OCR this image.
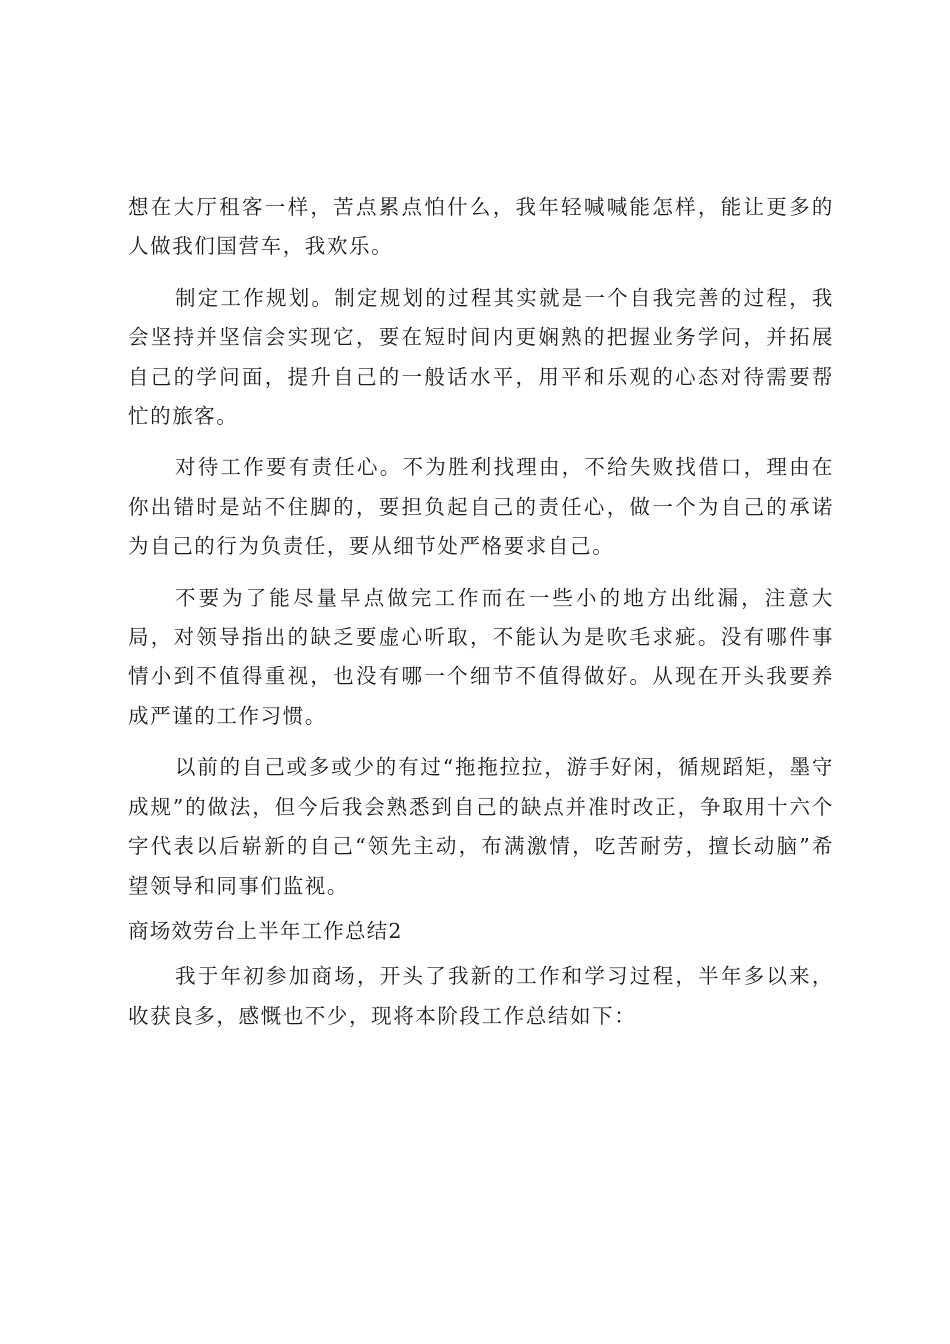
想在大厅租客一样，苦点累点怕什么，我年轻喊喊能怎样，能让更多的人做我们国营车，我欢乐。

制定工作规划。制定规划的过程其实就是一个自我完善的过程，我会坚持并坚信会实现它，要在短时间内更娴熟的把握业务学问，并拓展自己的学问面，提升自己的一般话水平，用平和乐观的心态对待需要帮忙的旅客。

对待工作要有责任心。不为胜利找理由，不给失败找借口，理由在你出错时是站不住脚的，要担负起自己的责任心，做一个为自己的承诺为自己的行为负责任，要从细节处严格要求自己。

不要为了能尽量早点做完工作而在一些小的地方出纰漏，注意大局，对领导指出的缺乏要虚心听取，不能认为是吹毛求疵。没有哪件事情小到不值得重视，也没有哪一个细节不值得做好。从现在开头我要养成严谨的工作习惯。

以前的自己或多或少的有过“拖拖拉拉，游手好闲，循规蹈矩，墨守成规”的做法，但今后我会熟悉到自己的缺点并准时改正，争取用十六个字代表以后崭新的自己“领先主动，布满激情，吃苦耐劳，擅长动脑”希望领导和同事们监视。

商场效劳台上半年工作总结2

我于年初参加商场，开头了我新的工作和学习过程，半年多以来，收获良多，感慨也不少，现将本阶段工作总结如下：
